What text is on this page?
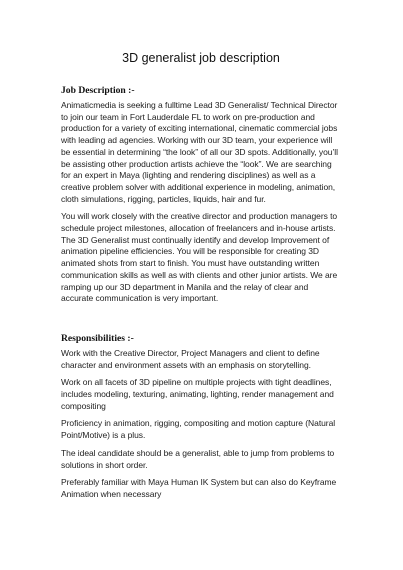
3D generalist job description
Job Description :-

Animaticmedia is seeking a fulltime Lead 3D Generalist/ Technical Director to join our team in Fort Lauderdale FL to work on pre-production and production for a variety of exciting international, cinematic commercial jobs with leading ad agencies. Working with our 3D team, your experience will be essential in determining “the look” of all our 3D spots. Additionally, you’ll be assisting other production artists achieve the “look”. We are searching for an expert in Maya (lighting and rendering disciplines) as well as a creative problem solver with additional experience in modeling, animation, cloth simulations, rigging, particles, liquids, hair and fur.

You will work closely with the creative director and production managers to schedule project milestones, allocation of freelancers and in-house artists. The 3D Generalist must continually identify and develop Improvement of animation pipeline efficiencies. You will be responsible for creating 3D animated shots from start to finish. You must have outstanding written communication skills as well as with clients and other junior artists. We are ramping up our 3D department in Manila and the relay of clear and accurate communication is very important.

Responsibilities :-

Work with the Creative Director, Project Managers and client to define character and environment assets with an emphasis on storytelling.

Work on all facets of 3D pipeline on multiple projects with tight deadlines, includes modeling, texturing, animating, lighting, render management and compositing

Proficiency in animation, rigging, compositing and motion capture (Natural Point/Motive) is a plus.

The ideal candidate should be a generalist, able to jump from problems to solutions in short order.

Preferably familiar with Maya Human IK System but can also do Keyframe Animation when necessary
